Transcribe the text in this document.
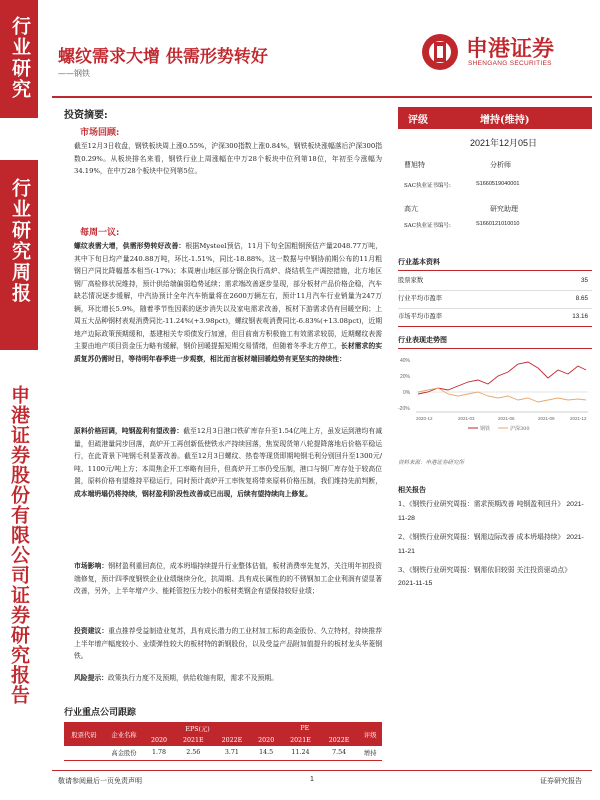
行业研究
行业研究周报
申港证券股份有限公司证券研究报告
螺纹需求大增 供需形势转好
——钢铁
申港证券
SHENGANG SECURITIES
投资摘要:
市场回顾:
截至12月3日收盘，钢铁板块周上涨0.55%，沪深300指数上涨0.84%，钢铁板块涨幅落后沪深300指数0.29%。从板块排名来看，钢铁行业上周涨幅在中万28个板块中位列第18位，年初至今涨幅为34.19%，在中万28个板块中位列第5位。
每周一议:
螺纹表需大增，供需形势转好改善：根据Mysteel预估，11月下旬全国粗钢预估产量2048.77万吨，其中下旬日均产量240.88万吨，环比-1.51%，同比-18.88%，这一数据与中钢协前期公布的11月粗钢日产同比降幅基本相当(-17%)；本周唐山地区部分钢企执行高炉、烧结机生产调控措施，北方地区钢厂高检修状况维持，预计供给端偏弱趋势延续；需求端改善逐步显现，部分板材产品价格企稳，汽车缺芯情况逐步缓解，中汽协预计全年汽车销量将在2600万辆左右，预计11月汽车行业销量为247万辆，环比增长5.9%，随着季节性因素的逐步消失以及家电需求改善，板材下游需求仍有回暖空间；上周五大品种钢材表观消费同比-11.24%(+3.98pct)，螺纹钢表观消费同比-6.83%(+13.08pct)，近期地产边际政策预期缓和，基建相关专项债发行加速，但目前南方积极施工有效需求较弱，近期螺纹表需主要由地产项目资金压力略有缓解，钢价回暖提振短期交易情绪，但随着冬季北方停工，长材需求的实质复苏仍需时日，等待明年春季进一步观察，相比而言板材端回暖趋势有更坚实的持续性：
原料价格回调，吨钢盈利有望改善：截至12月3日港口铁矿库存升至1.54亿吨上方，虽发运到港均有减量，但疏港量同步回落，高炉开工再创新低使铁水产持续回落，焦炭现货第八轮提降落地后价格平稳运行，在此背景下吨钢毛利显著改善。截至12月3日螺纹、热卷等现货即期吨钢毛利分别回升至1300元/吨、1100元/吨上方；本周焦企开工率略有回升，但高炉开工率仍受压制，港口与钢厂库存处于较高位置，原料价格有望维持平稳运行，同时预计高炉开工率恢复将带来原料价格压制，我们维持先前判断，成本端坍塌仍将持续，钢材盈利阶段性改善或已出现，后续有望持续向上修复。
市场影响：钢材盈利重回高位，成本坍塌持续提升行业整体估值，板材消费率先复苏，关注明年初投资端修复，预计四季度钢铁企业业绩继续分化，抗周期、具有成长属性的的不锈钢加工企业利润有望显著改善，另外，上半年增产少、能耗管控压力较小的板材类钢企有望保持较好业绩；
投资建议：重点推荐受益制造业复苏，具有成长潜力的工业材加工标的高金股份、久立特材，持续推荐上半年增产幅度较小、业绩弹性较大的板材特的新钢股份，以及受益产品附加值提升的板材龙头华菱钢铁。
风险提示：政策执行力度不及预期，供给收缩有限，需求不及预期。
行业重点公司跟踪
股票代码	企业名称	EPS(元)			PE			评级
		2020	2021E	2022E	2020	2021E	2022E	
	高金股份	1.78	2.56	3.71	14.5	11.24	7.54	增持
评级	增持(维持)
2021年12月05日
曹旭特	分析师
SAC执业证书编号:	S1660519040001
高亢	研究助理
SAC执业证书编号:	S1660121010010
行业基本资料
股票家数	35
行业平均市盈率	8.65
市场平均市盈率	13.16
行业表现走势图
40%
20%
0%
-20%
2020-12	2021-03	2021-06	2021-09	2021-12
钢铁	沪深300
资料来源：申港证券研究所
相关报告
1、《钢铁行业研究周报：需求预期改善 吨钢盈利回升》 2021-11-28
2、《钢铁行业研究周报：钢需边际改善 成本坍塌持续》 2021-11-21
3、《钢铁行业研究周报：钢需依旧较弱 关注投资驱动点》 2021-11-15
敬请参阅最后一页免责声明	1	证券研究报告
